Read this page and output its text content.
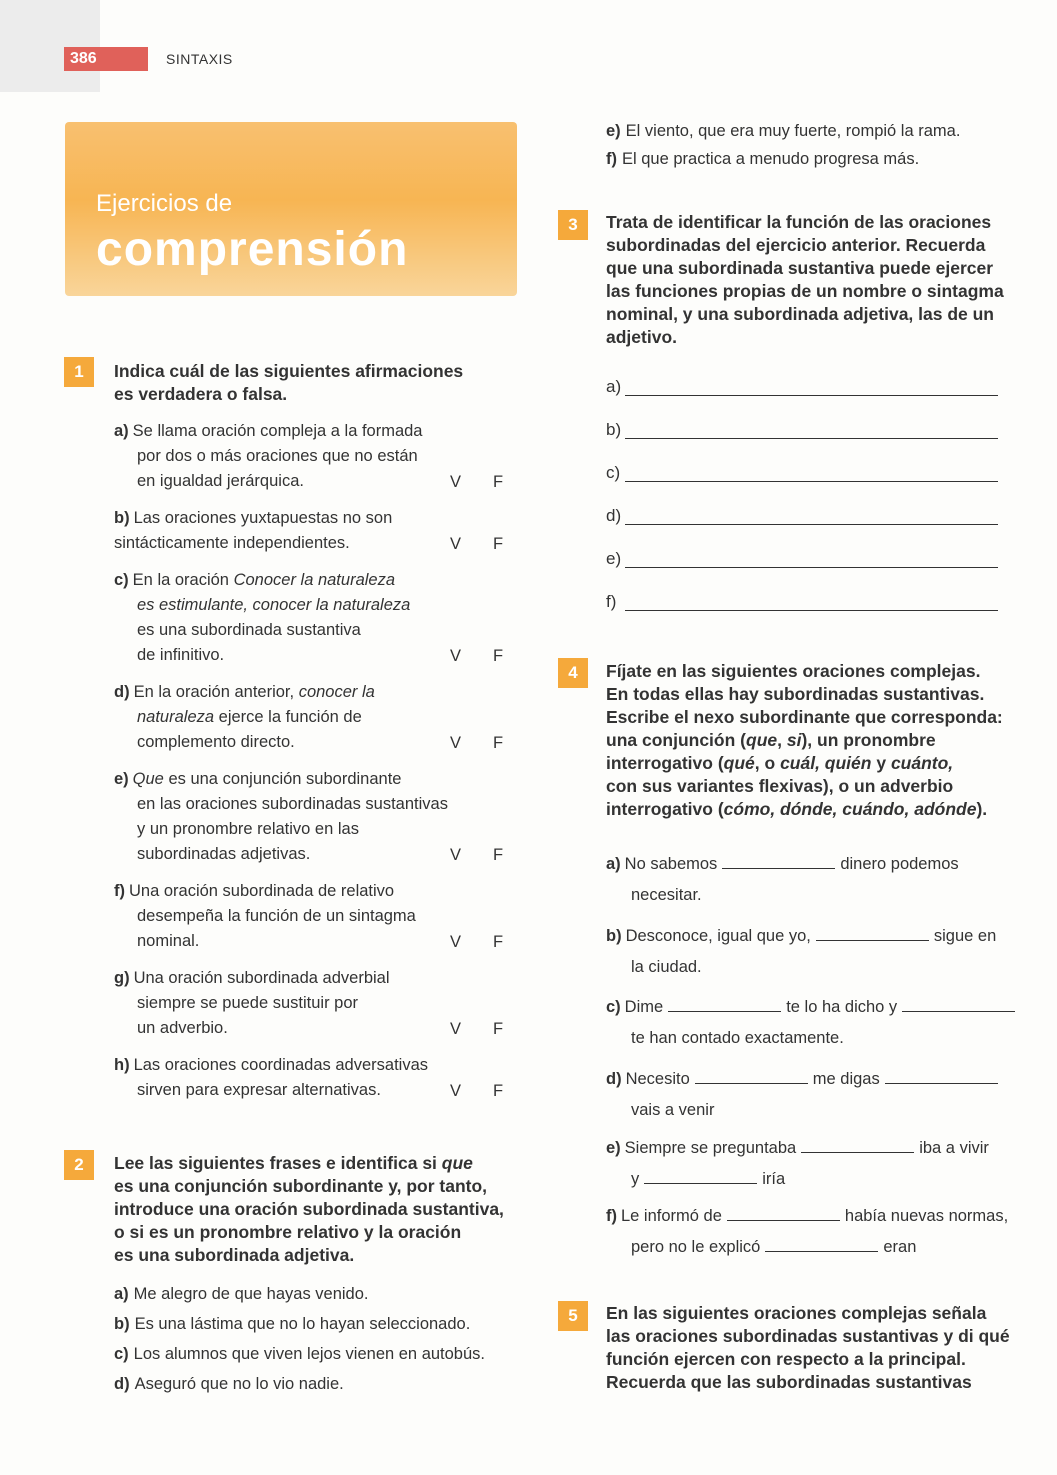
386	SINTAXIS
Ejercicios de
comprensión
1	Indica cuál de las siguientes afirmaciones
es verdadera o falsa.
2	Lee las siguientes frases e identifica si que
es una conjunción subordinante y, por tanto,
introduce una oración subordinada sustantiva,
o si es un pronombre relativo y la oración
es una subordinada adjetiva.
3	Trata de identificar la función de las oraciones
subordinadas del ejercicio anterior. Recuerda
que una subordinada sustantiva puede ejercer
las funciones propias de un nombre o sintagma
nominal, y una subordinada adjetiva, las de un
adjetivo.
4	Fíjate en las siguientes oraciones complejas.
En todas ellas hay subordinadas sustantivas.
Escribe el nexo subordinante que corresponda:
una conjunción (que, si), un pronombre
interrogativo (qué, o cuál, quién y cuánto,
con sus variantes flexivas), o un adverbio
interrogativo (cómo, dónde, cuándo, adónde).
5	En las siguientes oraciones complejas señala
las oraciones subordinadas sustantivas y di qué
función ejercen con respecto a la principal.
Recuerda que las subordinadas sustantivas
a) Se llama oración compleja a la formada
por dos o más oraciones que no están
en igualdad jerárquica.	V F
b) Las oraciones yuxtapuestas no son
sintácticamente independientes.	V F
c) En la oración Conocer la naturaleza
es estimulante, conocer la naturaleza
es una subordinada sustantiva
de infinitivo.	V F
d) En la oración anterior, conocer la
naturaleza ejerce la función de
complemento directo.	V F
e) Que es una conjunción subordinante
en las oraciones subordinadas sustantivas
y un pronombre relativo en las
subordinadas adjetivas.	V F
f) Una oración subordinada de relativo
desempeña la función de un sintagma
nominal.	V F
g) Una oración subordinada adverbial
siempre se puede sustituir por
un adverbio.	V F
h) Las oraciones coordinadas adversativas
sirven para expresar alternativas.	V F
a) Me alegro de que hayas venido.
b) Es una lástima que no lo hayan seleccionado.
c) Los alumnos que viven lejos vienen en autobús.
d) Aseguró que no lo vio nadie.
e) El viento, que era muy fuerte, rompió la rama.
f) El que practica a menudo progresa más.
a)
b)
c)
d)
e)
f)
a) No sabemos	dinero podemos
necesitar.
b) Desconoce, igual que yo,	sigue en
la ciudad.
c) Dime	te lo ha dicho y
te han contado exactamente.
d) Necesito	me digas
vais a venir
e) Siempre se preguntaba	iba a vivir
y	iría
f) Le informó de	había nuevas normas,
pero no le explicó	eran
